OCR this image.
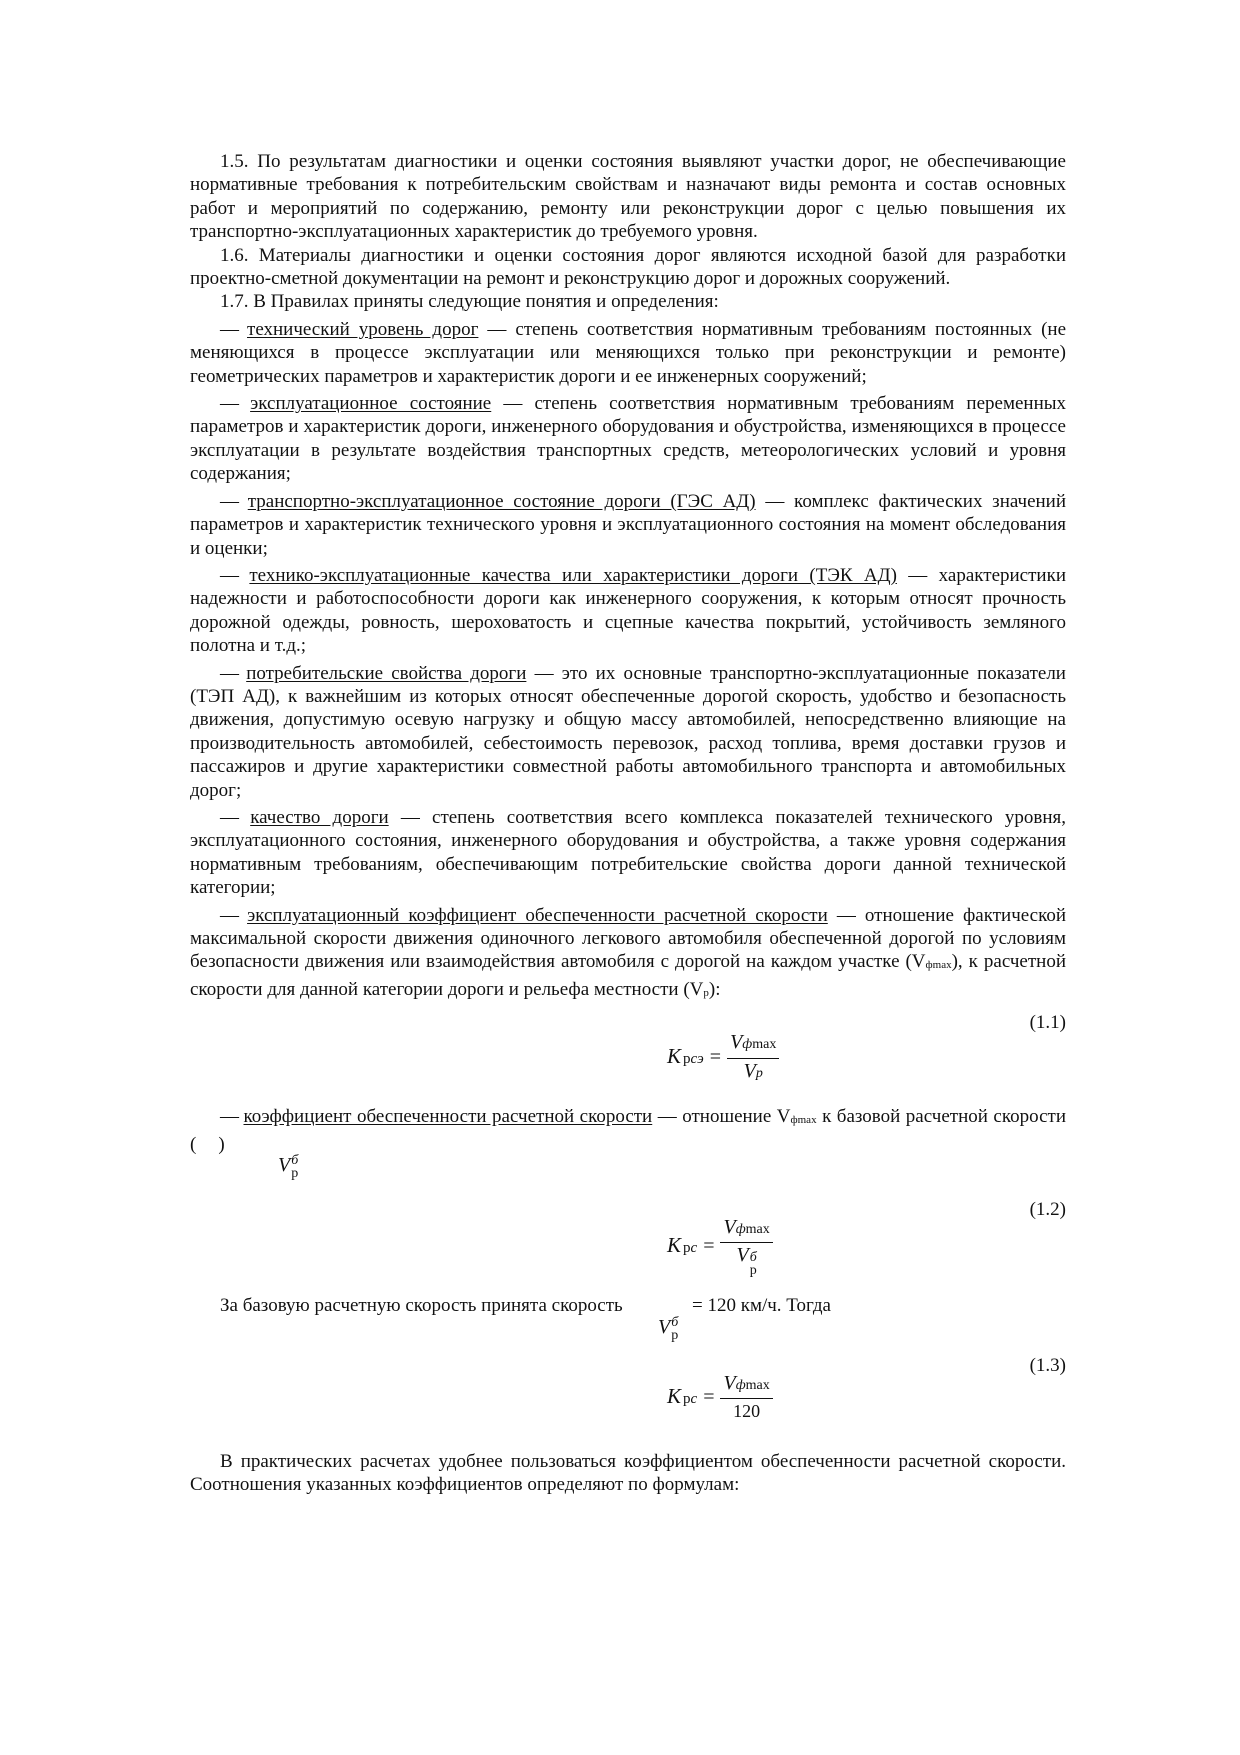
1.5. По результатам диагностики и оценки состояния выявляют участки дорог, не обеспечивающие нормативные требования к потребительским свойствам и назначают виды ремонта и состав основных работ и мероприятий по содержанию, ремонту или реконструкции дорог с целью повышения их транспортно-эксплуатационных характеристик до требуемого уровня.

1.6. Материалы диагностики и оценки состояния дорог являются исходной базой для разработки проектно-сметной документации на ремонт и реконструкцию дорог и дорожных сооружений.

1.7. В Правилах приняты следующие понятия и определения:

— технический уровень дорог — степень соответствия нормативным требованиям постоянных (не меняющихся в процессе эксплуатации или меняющихся только при реконструкции и ремонте) геометрических параметров и характеристик дороги и ее инженерных сооружений;

— эксплуатационное состояние — степень соответствия нормативным требованиям переменных параметров и характеристик дороги, инженерного оборудования и обустройства, изменяющихся в процессе эксплуатации в результате воздействия транспортных средств, метеорологических условий и уровня содержания;

— транспортно-эксплуатационное состояние дороги (ГЭС АД) — комплекс фактических значений параметров и характеристик технического уровня и эксплуатационного состояния на момент обследования и оценки;

— технико-эксплуатационные качества или характеристики дороги (ТЭК АД) — характеристики надежности и работоспособности дороги как инженерного сооружения, к которым относят прочность дорожной одежды, ровность, шероховатость и сцепные качества покрытий, устойчивость земляного полотна и т.д.;

— потребительские свойства дороги — это их основные транспортно-эксплуатационные показатели (ТЭП АД), к важнейшим из которых относят обеспеченные дорогой скорость, удобство и безопасность движения, допустимую осевую нагрузку и общую массу автомобилей, непосредственно влияющие на производительность автомобилей, себестоимость перевозок, расход топлива, время доставки грузов и пассажиров и другие характеристики совместной работы автомобильного транспорта и автомобильных дорог;

— качество дороги — степень соответствия всего комплекса показателей технического уровня, эксплуатационного состояния, инженерного оборудования и обустройства, а также уровня содержания нормативным требованиям, обеспечивающим потребительские свойства дороги данной технической категории;

— эксплуатационный коэффициент обеспеченности расчетной скорости — отношение фактической максимальной скорости движения одиночного легкового автомобиля обеспеченной дорогой по условиям безопасности движения или взаимодействия автомобиля с дорогой на каждом участке (Vфmax), к расчетной скорости для данной категории дороги и рельефа местности (Vр):

(1.1)
K рсэ = $\frac{\text{V фmax}}{\text{V р}}$

— коэффициент обеспеченности расчетной скорости — отношение Vфmax к базовой расчетной скорости ( )

V б
р
(1.2)
K рс = V фmax
V б
р
За базовую расчетную скорость принята скорость	= 120 км/ч. Тогда
V б
р
(1.3)
K рс = $\frac{\text{V фmax}}{120}$

В практических расчетах удобнее пользоваться коэффициентом обеспеченности расчетной скорости. Соотношения указанных коэффициентов определяют по формулам:
